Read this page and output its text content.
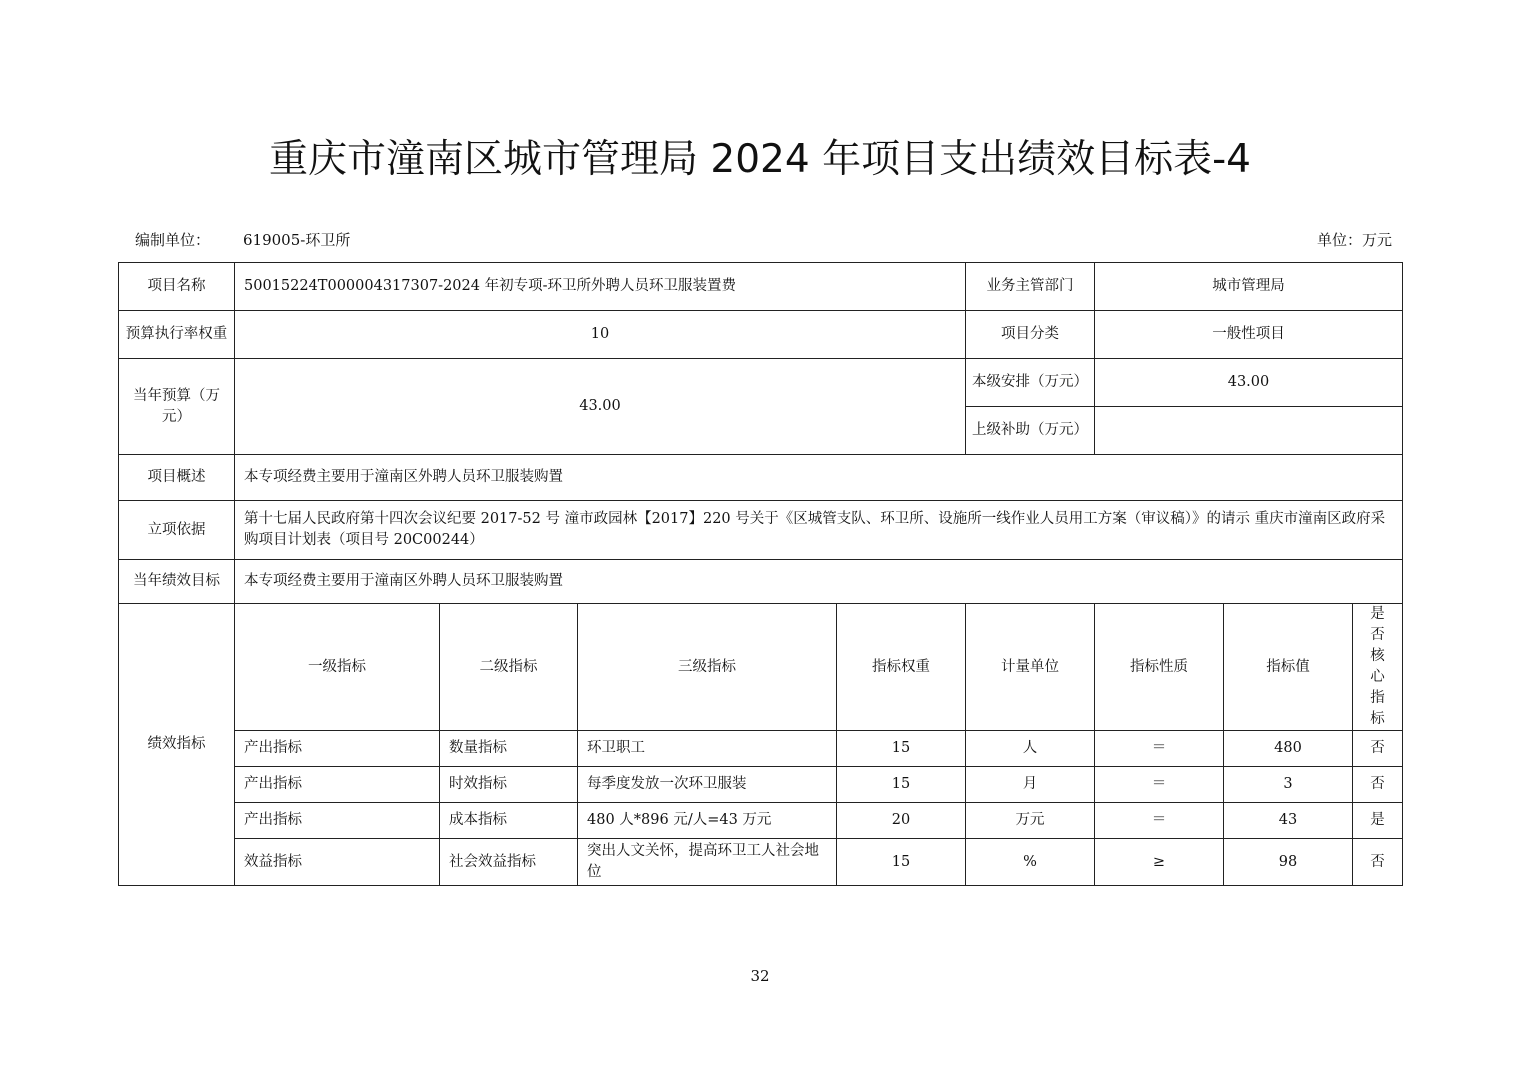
重庆市潼南区城市管理局 2024 年项目支出绩效目标表-4
编制单位： 619005-环卫所	单位：万元
项目名称	50015224T000004317307-2024 年初专项-环卫所外聘人员环卫服装置费				业务主管部门	城市管理局		
预算执行率权重	10				项目分类	一般性项目		
当年预算（万元）	43.00				本级安排（万元）	43.00		
					上级补助（万元）			
项目概述	本专项经费主要用于潼南区外聘人员环卫服装购置							
立项依据	第十七届人民政府第十四次会议纪要 2017-52 号 潼市政园林【2017】220 号关于《区城管支队、环卫所、设施所一线作业人员用工方案（审议稿）》的请示 重庆市潼南区政府采购项目计划表（项目号 20C00244）							
当年绩效目标	本专项经费主要用于潼南区外聘人员环卫服装购置							
绩效指标	一级指标	二级指标	三级指标	指标权重	计量单位	指标性质	指标值	是否核心指标

	产出指标	数量指标	环卫职工	15	人	＝	480	否
	产出指标	时效指标	每季度发放一次环卫服装	15	月	＝	3	否
	产出指标	成本指标	480 人*896 元/人=43 万元	20	万元	＝	43	是
	效益指标	社会效益指标	突出人文关怀，提高环卫工人社会地位	15	%	≥	98	否
32
